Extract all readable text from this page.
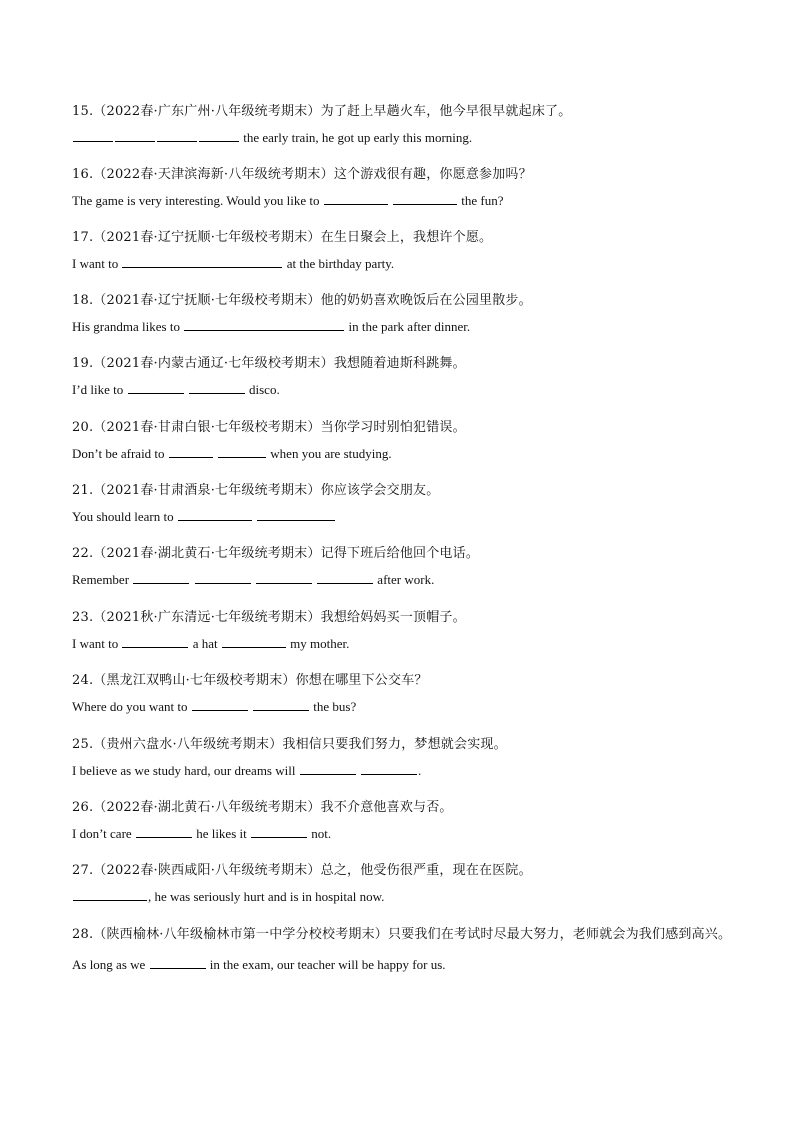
15.（2022春·广东广州·八年级统考期末）为了赶上早趟火车，他今早很早就起床了。
the early train, he got up early this morning.
16.（2022春·天津滨海新·八年级统考期末）这个游戏很有趣，你愿意参加吗？
The game is very interesting. Would you like to	the fun?
17.（2021春·辽宁抚顺·七年级校考期末）在生日聚会上，我想许个愿。
I want to	at the birthday party.
18.（2021春·辽宁抚顺·七年级校考期末）他的奶奶喜欢晚饭后在公园里散步。
His grandma likes to	in the park after dinner.
19.（2021春·内蒙古通辽·七年级校考期末）我想随着迪斯科跳舞。
I’d like to	disco.
20.（2021春·甘肃白银·七年级校考期末）当你学习时别怕犯错误。
Don’t be afraid to	when you are studying.
21.（2021春·甘肃酒泉·七年级统考期末）你应该学会交朋友。
You should learn to
22.（2021春·湖北黄石·七年级统考期末）记得下班后给他回个电话。
Remember	after work.
23.（2021秋·广东清远·七年级统考期末）我想给妈妈买一顶帽子。
I want to	a hat	my mother.
24.（黑龙江双鸭山·七年级校考期末）你想在哪里下公交车？
Where do you want to	the bus?
25.（贵州六盘水·八年级统考期末）我相信只要我们努力，梦想就会实现。
I believe as we study hard, our dreams will	.
26.（2022春·湖北黄石·八年级统考期末）我不介意他喜欢与否。
I don’t care	he likes it	not.
27.（2022春·陕西咸阳·八年级统考期末）总之，他受伤很严重，现在在医院。
, he was seriously hurt and is in hospital now.
28.（陕西榆林·八年级榆林市第一中学分校校考期末）只要我们在考试时尽最大努力，老师就会为我们感到高兴。
As long as we	in the exam, our teacher will be happy for us.
